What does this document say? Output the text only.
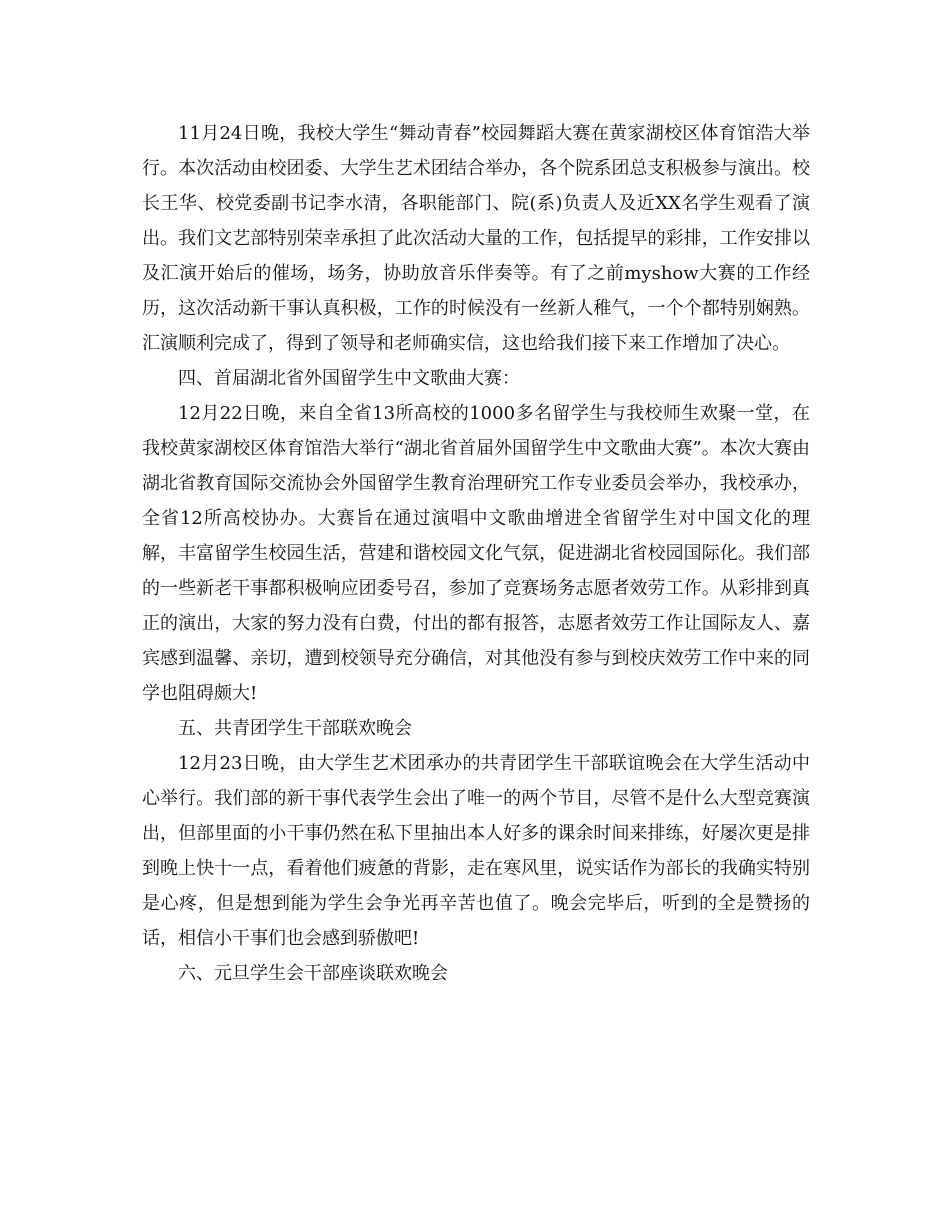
11月24日晚，我校大学生“舞动青春”校园舞蹈大赛在黄家湖校区体育馆浩大举行。本次活动由校团委、大学生艺术团结合举办，各个院系团总支积极参与演出。校长王华、校党委副书记李水清，各职能部门、院(系)负责人及近XX名学生观看了演出。我们文艺部特别荣幸承担了此次活动大量的工作，包括提早的彩排，工作安排以及汇演开始后的催场，场务，协助放音乐伴奏等。有了之前myshow大赛的工作经历，这次活动新干事认真积极，工作的时候没有一丝新人稚气，一个个都特别娴熟。汇演顺利完成了，得到了领导和老师确实信，这也给我们接下来工作增加了决心。

四、首届湖北省外国留学生中文歌曲大赛：

12月22日晚，来自全省13所高校的1000多名留学生与我校师生欢聚一堂，在我校黄家湖校区体育馆浩大举行“湖北省首届外国留学生中文歌曲大赛”。本次大赛由湖北省教育国际交流协会外国留学生教育治理研究工作专业委员会举办，我校承办，全省12所高校协办。大赛旨在通过演唱中文歌曲增进全省留学生对中国文化的理解，丰富留学生校园生活，营建和谐校园文化气氛，促进湖北省校园国际化。我们部的一些新老干事都积极响应团委号召，参加了竞赛场务志愿者效劳工作。从彩排到真正的演出，大家的努力没有白费，付出的都有报答，志愿者效劳工作让国际友人、嘉宾感到温馨、亲切，遭到校领导充分确信，对其他没有参与到校庆效劳工作中来的同学也阻碍颇大!

五、共青团学生干部联欢晚会

12月23日晚，由大学生艺术团承办的共青团学生干部联谊晚会在大学生活动中心举行。我们部的新干事代表学生会出了唯一的两个节目，尽管不是什么大型竞赛演出，但部里面的小干事仍然在私下里抽出本人好多的课余时间来排练，好屡次更是排到晚上快十一点，看着他们疲惫的背影，走在寒风里，说实话作为部长的我确实特别是心疼，但是想到能为学生会争光再辛苦也值了。晚会完毕后，听到的全是赞扬的话，相信小干事们也会感到骄傲吧!

六、元旦学生会干部座谈联欢晚会
